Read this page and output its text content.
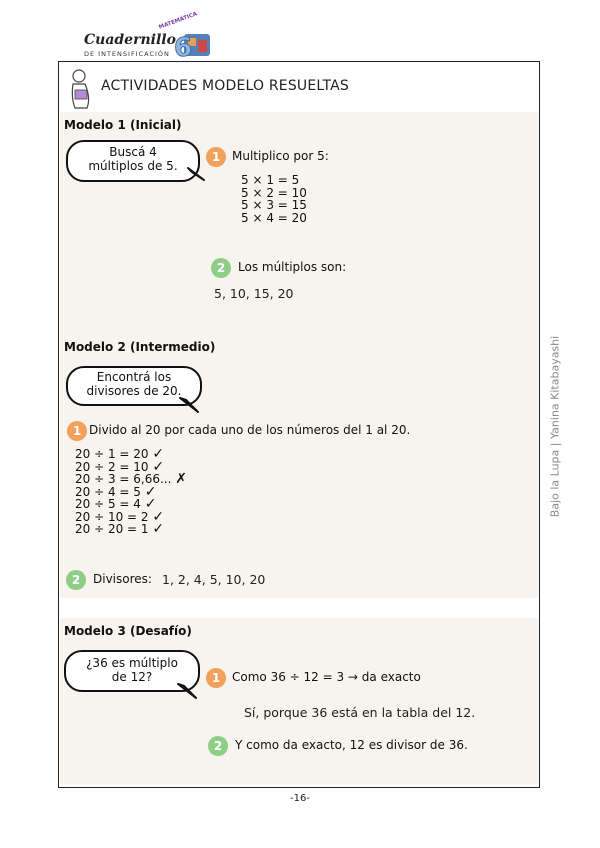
Cuadernillo
DE INTENSIFICACIÓN
MATEMÁTICA
6
ACTIVIDADES MODELO RESUELTAS
Modelo 1 (Inicial)
Buscá 4
múltiplos de 5.
1 Multiplico por 5:
5 × 1 = 5
5 × 2 = 10
5 × 3 = 15
5 × 4 = 20
2	Los múltiplos son:
5, 10, 15, 20
Modelo 2 (Intermedio)
Encontrá los
divisores de 20.
1 Divido al 20 por cada uno de los números del 1 al 20.
20 ÷ 1 = 20 ✓
20 ÷ 2 = 10 ✓
20 ÷ 3 = 6,66... ✗
20 ÷ 4 = 5 ✓
20 ÷ 5 = 4 ✓
20 ÷ 10 = 2 ✓
20 ÷ 20 = 1 ✓
2	Divisores: 1, 2, 4, 5, 10, 20
Modelo 3 (Desafío)
¿36 es múltiplo
de 12?	1 Como 36 ÷ 12 = 3 → da exacto
Sí, porque 36 está en la tabla del 12.
2	Y como da exacto, 12 es divisor de 36.
Bajo la Lupa | Yanina Kitabayashi
-16-
